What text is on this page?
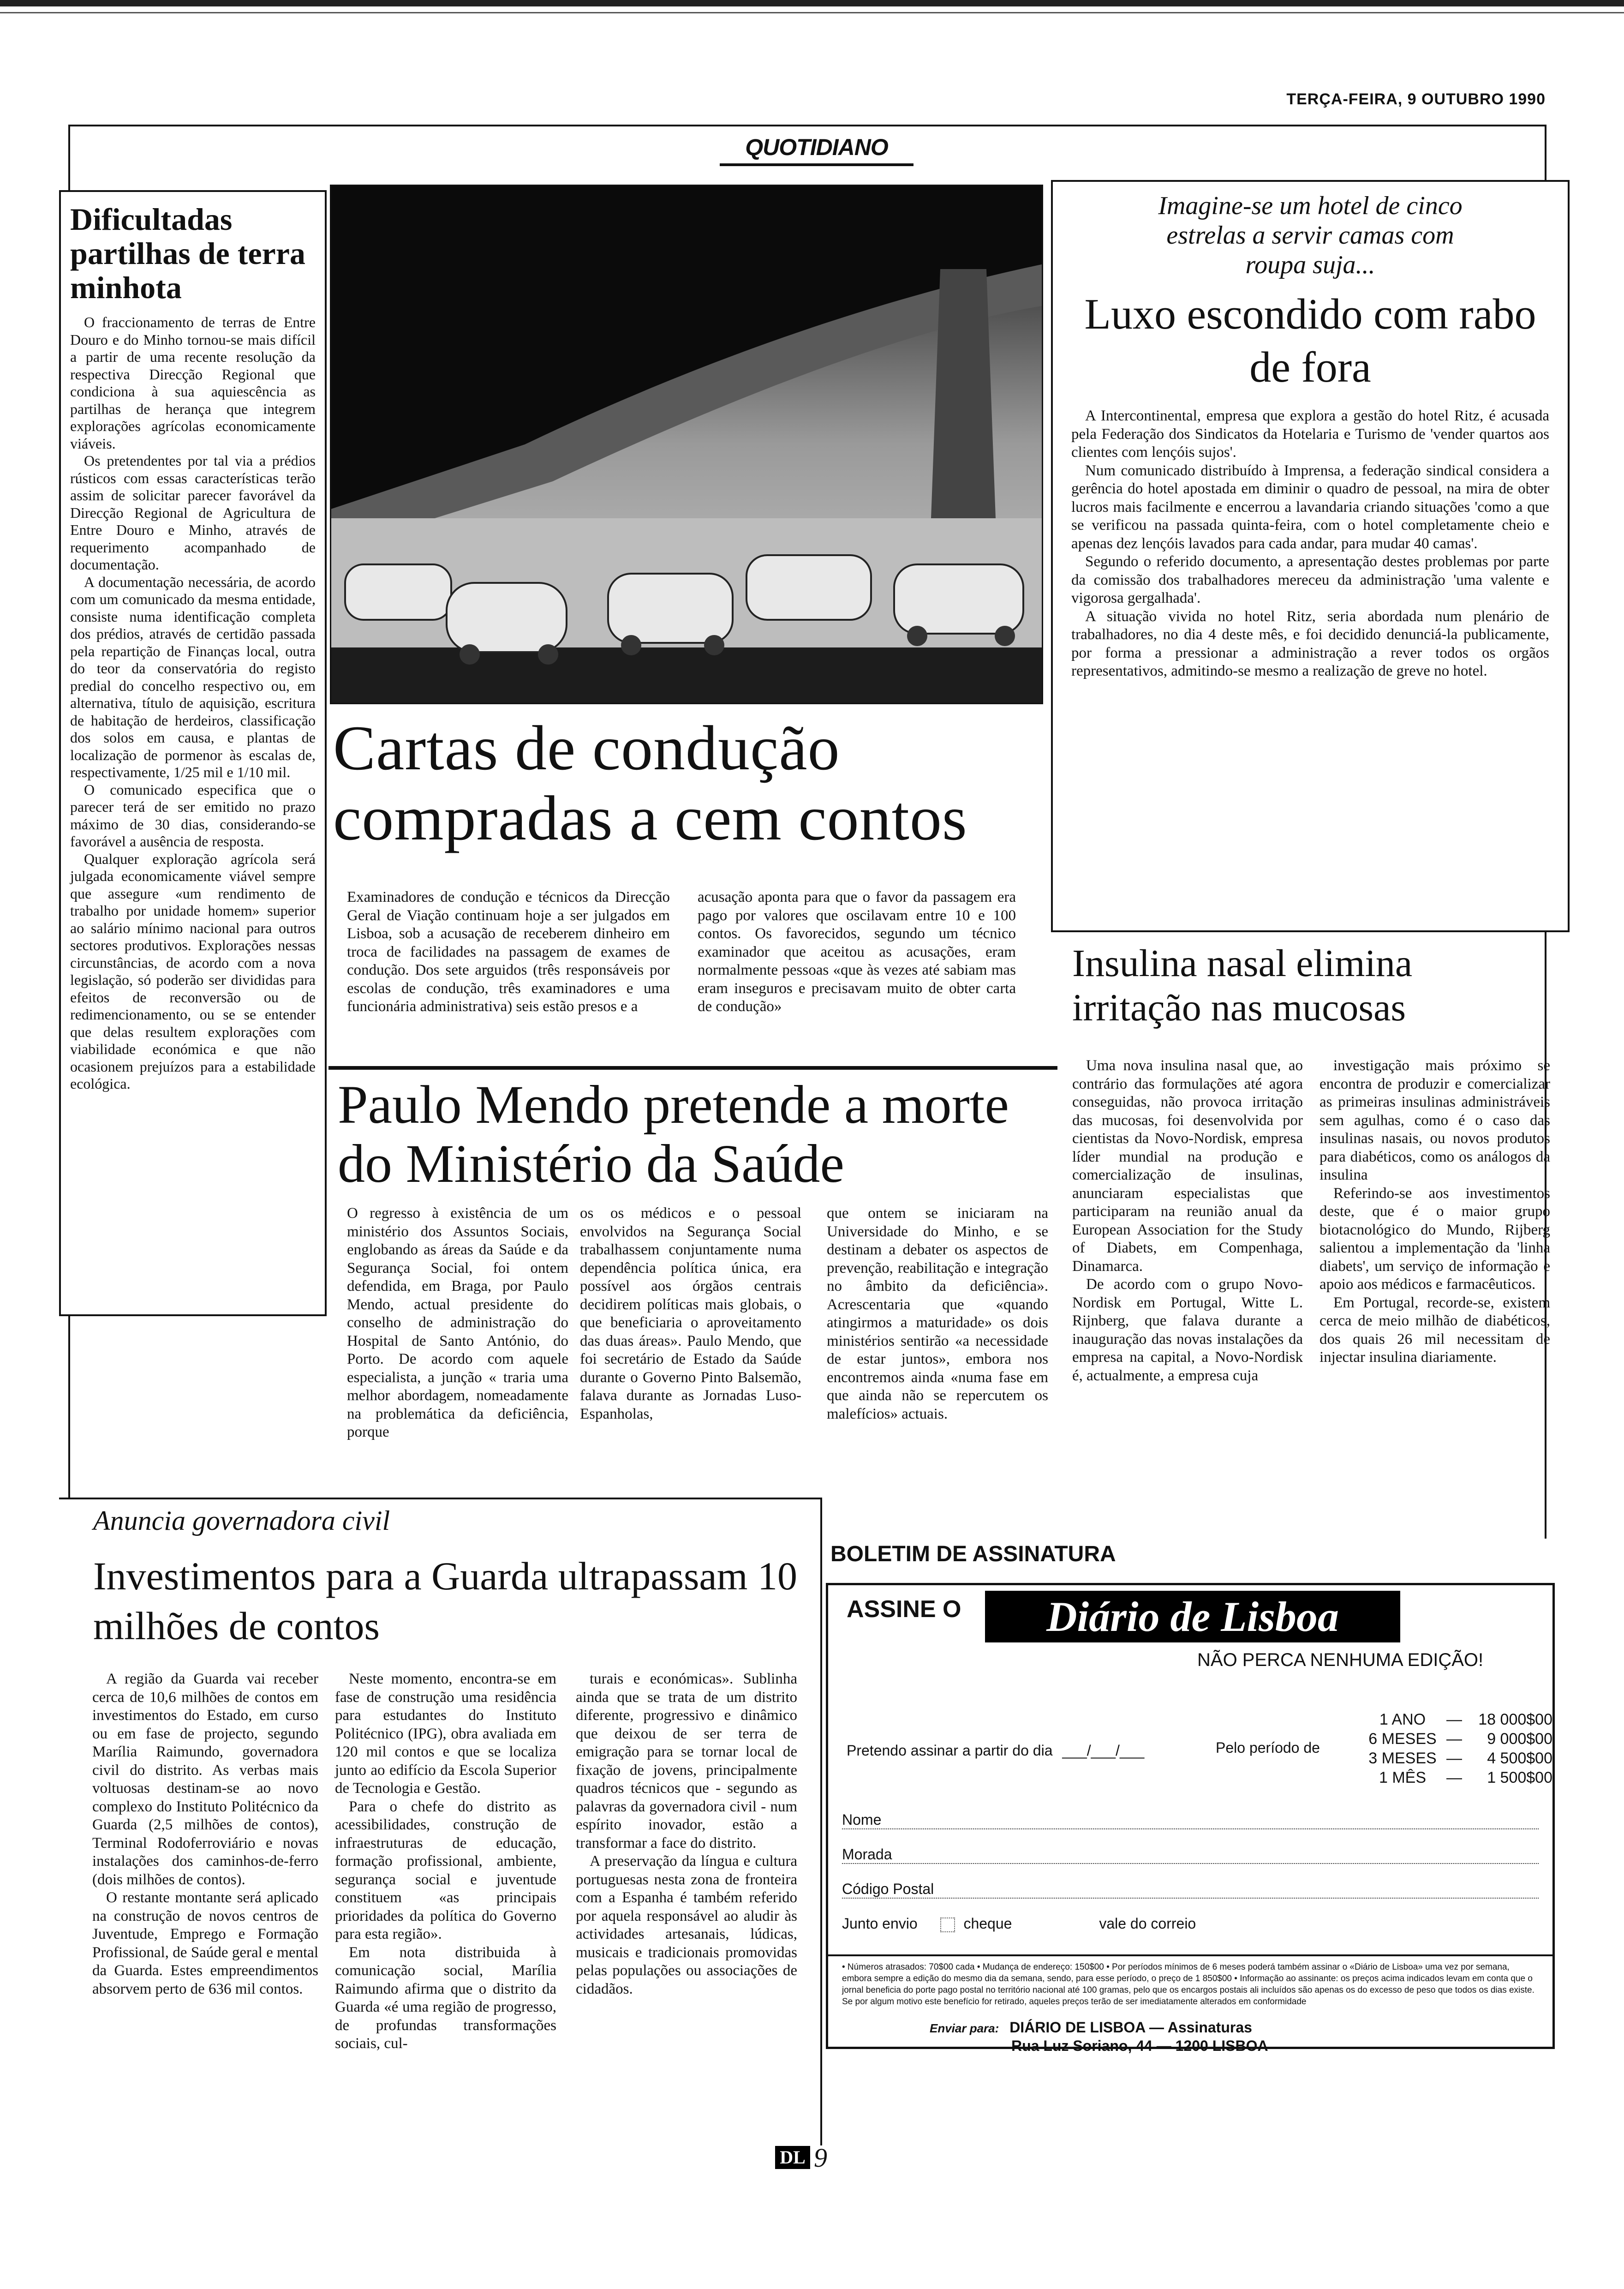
TERÇA-FEIRA, 9 OUTUBRO 1990
QUOTIDIANO
Dificultadas partilhas de terra minhota

O fraccionamento de terras de Entre Douro e do Minho tornou-se mais difícil a partir de uma recente resolução da respectiva Direcção Regional que condiciona à sua aquiescência as partilhas de herança que integrem explorações agrícolas economicamente viáveis.

Os pretendentes por tal via a prédios rústicos com essas características terão assim de solicitar parecer favorável da Direcção Regional de Agricultura de Entre Douro e Minho, através de requerimento acompanhado de documentação.

A documentação necessária, de acordo com um comunicado da mesma entidade, consiste numa identificação completa dos prédios, através de certidão passada pela repartição de Finanças local, outra do teor da conservatória do registo predial do concelho respectivo ou, em alternativa, título de aquisição, escritura de habitação de herdeiros, classificação dos solos em causa, e plantas de localização de pormenor às escalas de, respectivamente, 1/25 mil e 1/10 mil.

O comunicado especifica que o parecer terá de ser emitido no prazo máximo de 30 dias, considerando-se favorável a ausência de resposta.

Qualquer exploração agrícola será julgada economicamente viável sempre que assegure «um rendimento de trabalho por unidade homem» superior ao salário mínimo nacional para outros sectores produtivos. Explorações nessas circunstâncias, de acordo com a nova legislação, só poderão ser divididas para efeitos de reconversão ou de redimencionamento, ou se se entender que delas resultem explorações com viabilidade económica e que não ocasionem prejuízos para a estabilidade ecológica.

Cartas de condução compradas a cem contos
Examinadores de condução e técnicos da Direcção Geral de Viação continuam hoje a ser julgados em Lisboa, sob a acusação de receberem dinheiro em troca de facilidades na passagem de exames de condução. Dos sete arguidos (três responsáveis por escolas de condução, três examinadores e uma funcionária administrativa) seis estão presos e a
acusação aponta para que o favor da passagem era pago por valores que oscilavam entre 10 e 100 contos. Os favorecidos, segundo um técnico examinador que aceitou as acusações, eram normalmente pessoas «que às vezes até sabiam mas eram inseguros e precisavam muito de obter carta de condução»
Imagine-se um hotel de cinco estrelas a servir camas com roupa suja...
Luxo escondido com rabo de fora

A Intercontinental, empresa que explora a gestão do hotel Ritz, é acusada pela Federação dos Sindicatos da Hotelaria e Turismo de 'vender quartos aos clientes com lençóis sujos'.

Num comunicado distribuído à Imprensa, a federação sindical considera a gerência do hotel apostada em diminir o quadro de pessoal, na mira de obter lucros mais facilmente e encerrou a lavandaria criando situações 'como a que se verificou na passada quinta-feira, com o hotel completamente cheio e apenas dez lençóis lavados para cada andar, para mudar 40 camas'.

Segundo o referido documento, a apresentação destes problemas por parte da comissão dos trabalhadores mereceu da administração 'uma valente e vigorosa gergalhada'.

A situação vivida no hotel Ritz, seria abordada num plenário de trabalhadores, no dia 4 deste mês, e foi decidido denunciá-la publicamente, por forma a pressionar a administração a rever todos os orgãos representativos, admitindo-se mesmo a realização de greve no hotel.

Insulina nasal elimina irritação nas mucosas

Uma nova insulina nasal que, ao contrário das formulações até agora conseguidas, não provoca irritação das mucosas, foi desenvolvida por cientistas da Novo-Nordisk, empresa líder mundial na produção e comercialização de insulinas, anunciaram especialistas que participaram na reunião anual da European Association for the Study of Diabets, em Compenhaga, Dinamarca.

De acordo com o grupo Novo-Nordisk em Portugal, Witte L. Rijnberg, que falava durante a inauguração das novas instalações da empresa na capital, a Novo-Nordisk é, actualmente, a empresa cuja

investigação mais próximo se encontra de produzir e comercializar as primeiras insulinas administráveis sem agulhas, como é o caso das insulinas nasais, ou novos produtos para diabéticos, como os análogos da insulina

Referindo-se aos investimentos deste, que é o maior grupo biotacnológico do Mundo, Rijberg salientou a implementação da 'linha diabets', um serviço de informação e apoio aos médicos e farmacêuticos.

Em Portugal, recorde-se, existem cerca de meio milhão de diabéticos, dos quais 26 mil necessitam de injectar insulina diariamente.

Paulo Mendo pretende a morte do Ministério da Saúde
O regresso à existência de um ministério dos Assuntos Sociais, englobando as áreas da Saúde e da Segurança Social, foi ontem defendida, em Braga, por Paulo Mendo, actual presidente do conselho de administração do Hospital de Santo António, do Porto. De acordo com aquele especialista, a junção « traria uma melhor abordagem, nomeadamente na problemática da deficiência, porque
os os médicos e o pessoal envolvidos na Segurança Social trabalhassem conjuntamente numa dependência política única, era possível aos órgãos centrais decidirem políticas mais globais, o que beneficiaria o aproveitamento das duas áreas». Paulo Mendo, que foi secretário de Estado da Saúde durante o Governo Pinto Balsemão, falava durante as Jornadas Luso-Espanholas,
que ontem se iniciaram na Universidade do Minho, e se destinam a debater os aspectos de prevenção, reabilitação e integração no âmbito da deficiência». Acrescentaria que «quando atingirmos a maturidade» os dois ministérios sentirão «a necessidade de estar juntos», embora nos encontremos ainda «numa fase em que ainda não se repercutem os malefícios» actuais.
Anuncia governadora civil
Investimentos para a Guarda ultrapassam 10 milhões de contos

A região da Guarda vai receber cerca de 10,6 milhões de contos em investimentos do Estado, em curso ou em fase de projecto, segundo Marília Raimundo, governadora civil do distrito. As verbas mais voltuosas destinam-se ao novo complexo do Instituto Politécnico da Guarda (2,5 milhões de contos), Terminal Rodoferroviário e novas instalações dos caminhos-de-ferro (dois milhões de contos).

O restante montante será aplicado na construção de novos centros de Juventude, Emprego e Formação Profissional, de Saúde geral e mental da Guarda. Estes empreendimentos absorvem perto de 636 mil contos.

Neste momento, encontra-se em fase de construção uma residência para estudantes do Instituto Politécnico (IPG), obra avaliada em 120 mil contos e que se localiza junto ao edifício da Escola Superior de Tecnologia e Gestão.

Para o chefe do distrito as acessibilidades, construção de infraestruturas de educação, formação profissional, ambiente, segurança social e juventude constituem «as principais prioridades da política do Governo para esta região».

Em nota distribuida à comunicação social, Marília Raimundo afirma que o distrito da Guarda «é uma região de progresso, de profundas transformações sociais, cul-

turais e económicas». Sublinha ainda que se trata de um distrito diferente, progressivo e dinâmico que deixou de ser terra de emigração para se tornar local de fixação de jovens, principalmente quadros técnicos que - segundo as palavras da governadora civil - num espírito inovador, estão a transformar a face do distrito.

A preservação da língua e cultura portuguesas nesta zona de fronteira com a Espanha é também referido por aquela responsável ao aludir às actividades artesanais, lúdicas, musicais e tradicionais promovidas pelas populações ou associações de cidadãos.

BOLETIM DE ASSINATURA
ASSINE O	Diário de Lisboa
NÃO PERCA NENHUMA EDIÇÃO!
1 ANO	—	18 000$00
6 MESES —	9 000$00
3 MESES —	4 500$00
1 MÊS	—	1 500$00
Pretendo assinar a partir do dia ___/___/___	Pelo período de
Nome
Morada
Código Postal
Junto envio	cheque	vale do correio
• Números atrasados: 70$00 cada • Mudança de endereço: 150$00 • Por períodos mínimos de 6 meses poderá também assinar o «Diário de Lisboa» uma vez por semana, embora sempre a edição do mesmo dia da semana, sendo, para esse período, o preço de 1 850$00 • Informação ao assinante: os preços acima indicados levam em conta que o jornal beneficia do porte pago postal no território nacional até 100 gramas, pelo que os encargos postais ali incluídos são apenas os do excesso de peso que todos os dias existe. Se por algum motivo este benefício for retirado, aqueles preços terão de ser imediatamente alterados em conformidade
Enviar para: DIÁRIO DE LISBOA — Assinaturas
Rua Luz Soriano, 44 — 1200 LISBOA
DL 9
